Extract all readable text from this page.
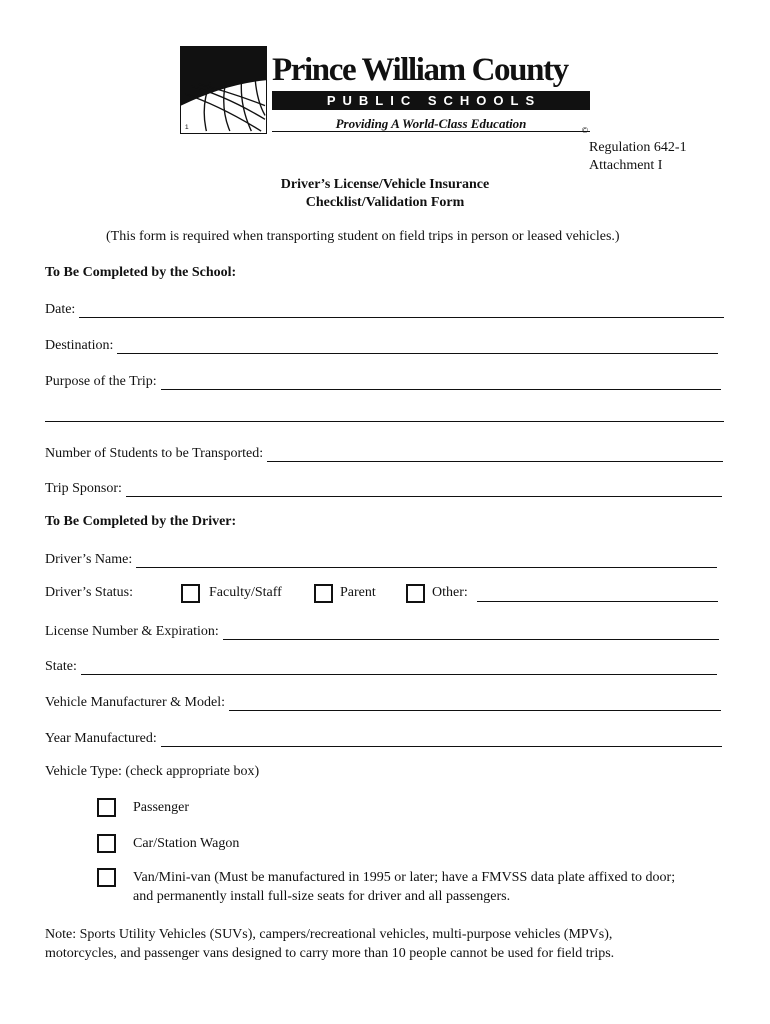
1
Prince William County
PUBLIC SCHOOLS
Providing A World-Class Education	©
Regulation 642-1
Attachment I
Driver’s License/Vehicle Insurance
Checklist/Validation Form
(This form is required when transporting student on field trips in person or leased vehicles.)
To Be Completed by the School:
Date:
Destination:
Purpose of the Trip:
Number of Students to be Transported:
Trip Sponsor:
To Be Completed by the Driver:
Driver’s Name:
Driver’s Status:	Faculty/Staff	Parent	Other:
License Number & Expiration:
State:
Vehicle Manufacturer & Model:
Year Manufactured:
Vehicle Type: (check appropriate box)
Passenger
Car/Station Wagon
Van/Mini-van (Must be manufactured in 1995 or later; have a FMVSS data plate affixed to door;
and permanently install full-size seats for driver and all passengers.
Note: Sports Utility Vehicles (SUVs), campers/recreational vehicles, multi-purpose vehicles (MPVs),
motorcycles, and passenger vans designed to carry more than 10 people cannot be used for field trips.
